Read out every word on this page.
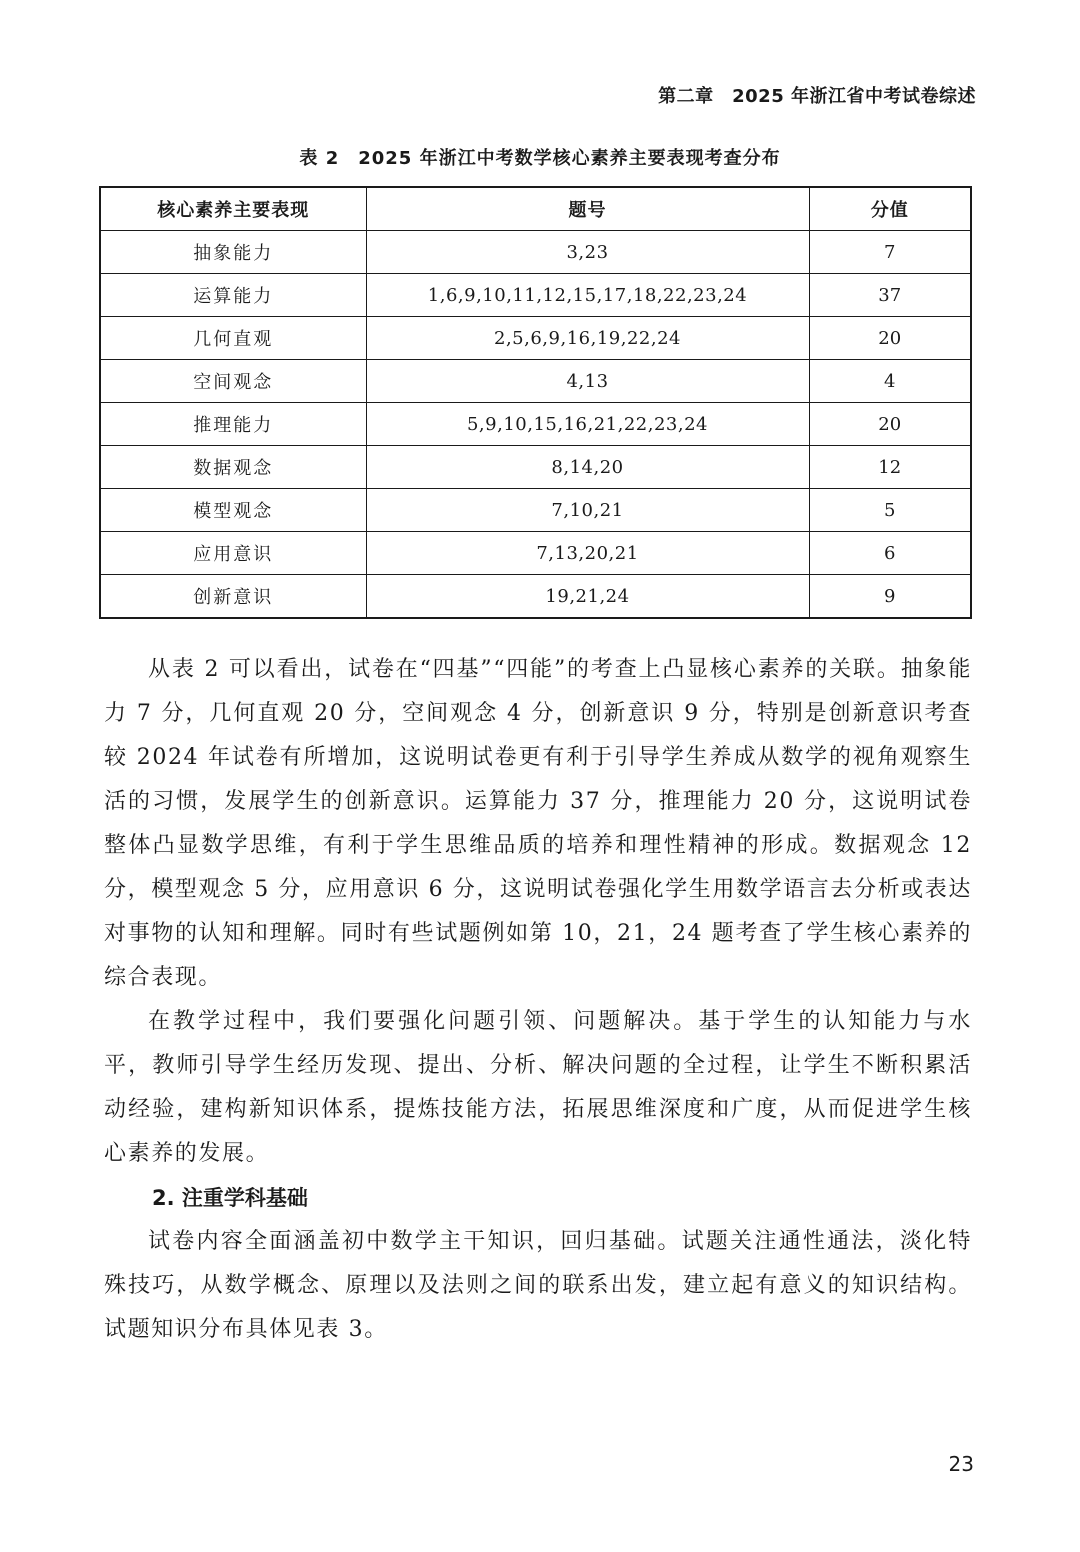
第二章　2025 年浙江省中考试卷综述
表 2　2025 年浙江中考数学核心素养主要表现考查分布
核心素养主要表现	题号	分值
抽象能力	3,23	7
运算能力	1,6,9,10,11,12,15,17,18,22,23,24	37
几何直观	2,5,6,9,16,19,22,24	20
空间观念	4,13	4
推理能力	5,9,10,15,16,21,22,23,24	20
数据观念	8,14,20	12
模型观念	7,10,21	5
应用意识	7,13,20,21	6
创新意识	19,21,24	9

从表 2 可以看出，试卷在“四基”“四能”的考查上凸显核心素养的关联。抽象能力 7 分，几何直观 20 分，空间观念 4 分，创新意识 9 分，特别是创新意识考查较 2024 年试卷有所增加，这说明试卷更有利于引导学生养成从数学的视角观察生活的习惯，发展学生的创新意识。运算能力 37 分，推理能力 20 分，这说明试卷整体凸显数学思维，有利于学生思维品质的培养和理性精神的形成。数据观念 12 分，模型观念 5 分，应用意识 6 分，这说明试卷强化学生用数学语言去分析或表达对事物的认知和理解。同时有些试题例如第 10，21，24 题考查了学生核心素养的综合表现。

在教学过程中，我们要强化问题引领、问题解决。基于学生的认知能力与水平，教师引导学生经历发现、提出、分析、解决问题的全过程，让学生不断积累活动经验，建构新知识体系，提炼技能方法，拓展思维深度和广度，从而促进学生核心素养的发展。

2. 注重学科基础

试卷内容全面涵盖初中数学主干知识，回归基础。试题关注通性通法，淡化特殊技巧，从数学概念、原理以及法则之间的联系出发，建立起有意义的知识结构。试题知识分布具体见表 3。

23
